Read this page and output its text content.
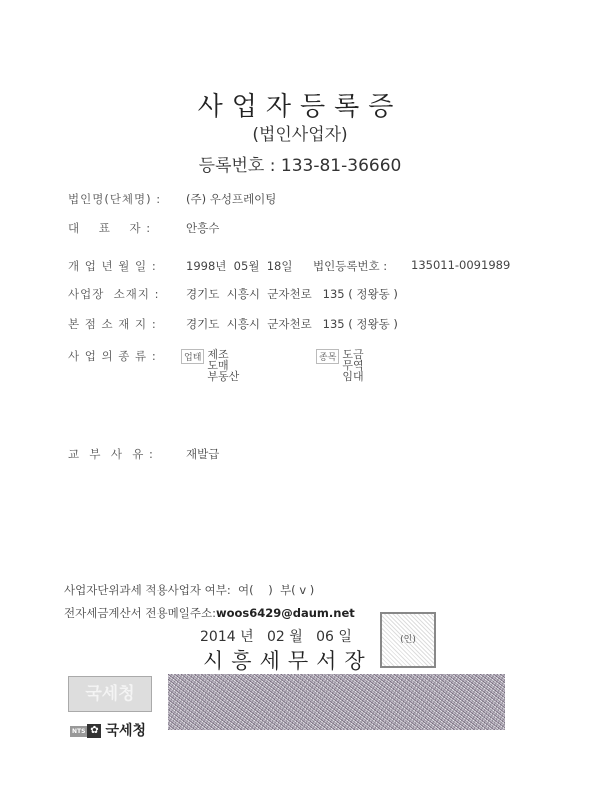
사업자등록증
(법인사업자)
등록번호 : 133-81-36660
법인명(단체명) : (주) 우성프레이팅
대    표    자 :	안흥수
개 업 년 월 일 :	1998년  05월  18일 법인등록번호 : 135011-0091989
사업장  소재지 : 경기도  시흥시  군자천로   135 ( 정왕동 )
본 점 소 재 지 :	경기도  시흥시  군자천로   135 ( 정왕동 )
사 업 의 종 류 :	업태 제조
도매
부동산
종목 도금
무역
임대
교  부  사  유 :	재발급
사업자단위과세 적용사업자 여부: 여(    ) 부( v )
전자세금계산서 전용메일주소:woos6429@daum.net
2014 년   02 월   06 일
시흥세무서장
(인)
국세청
NTS ✿ 국세청
